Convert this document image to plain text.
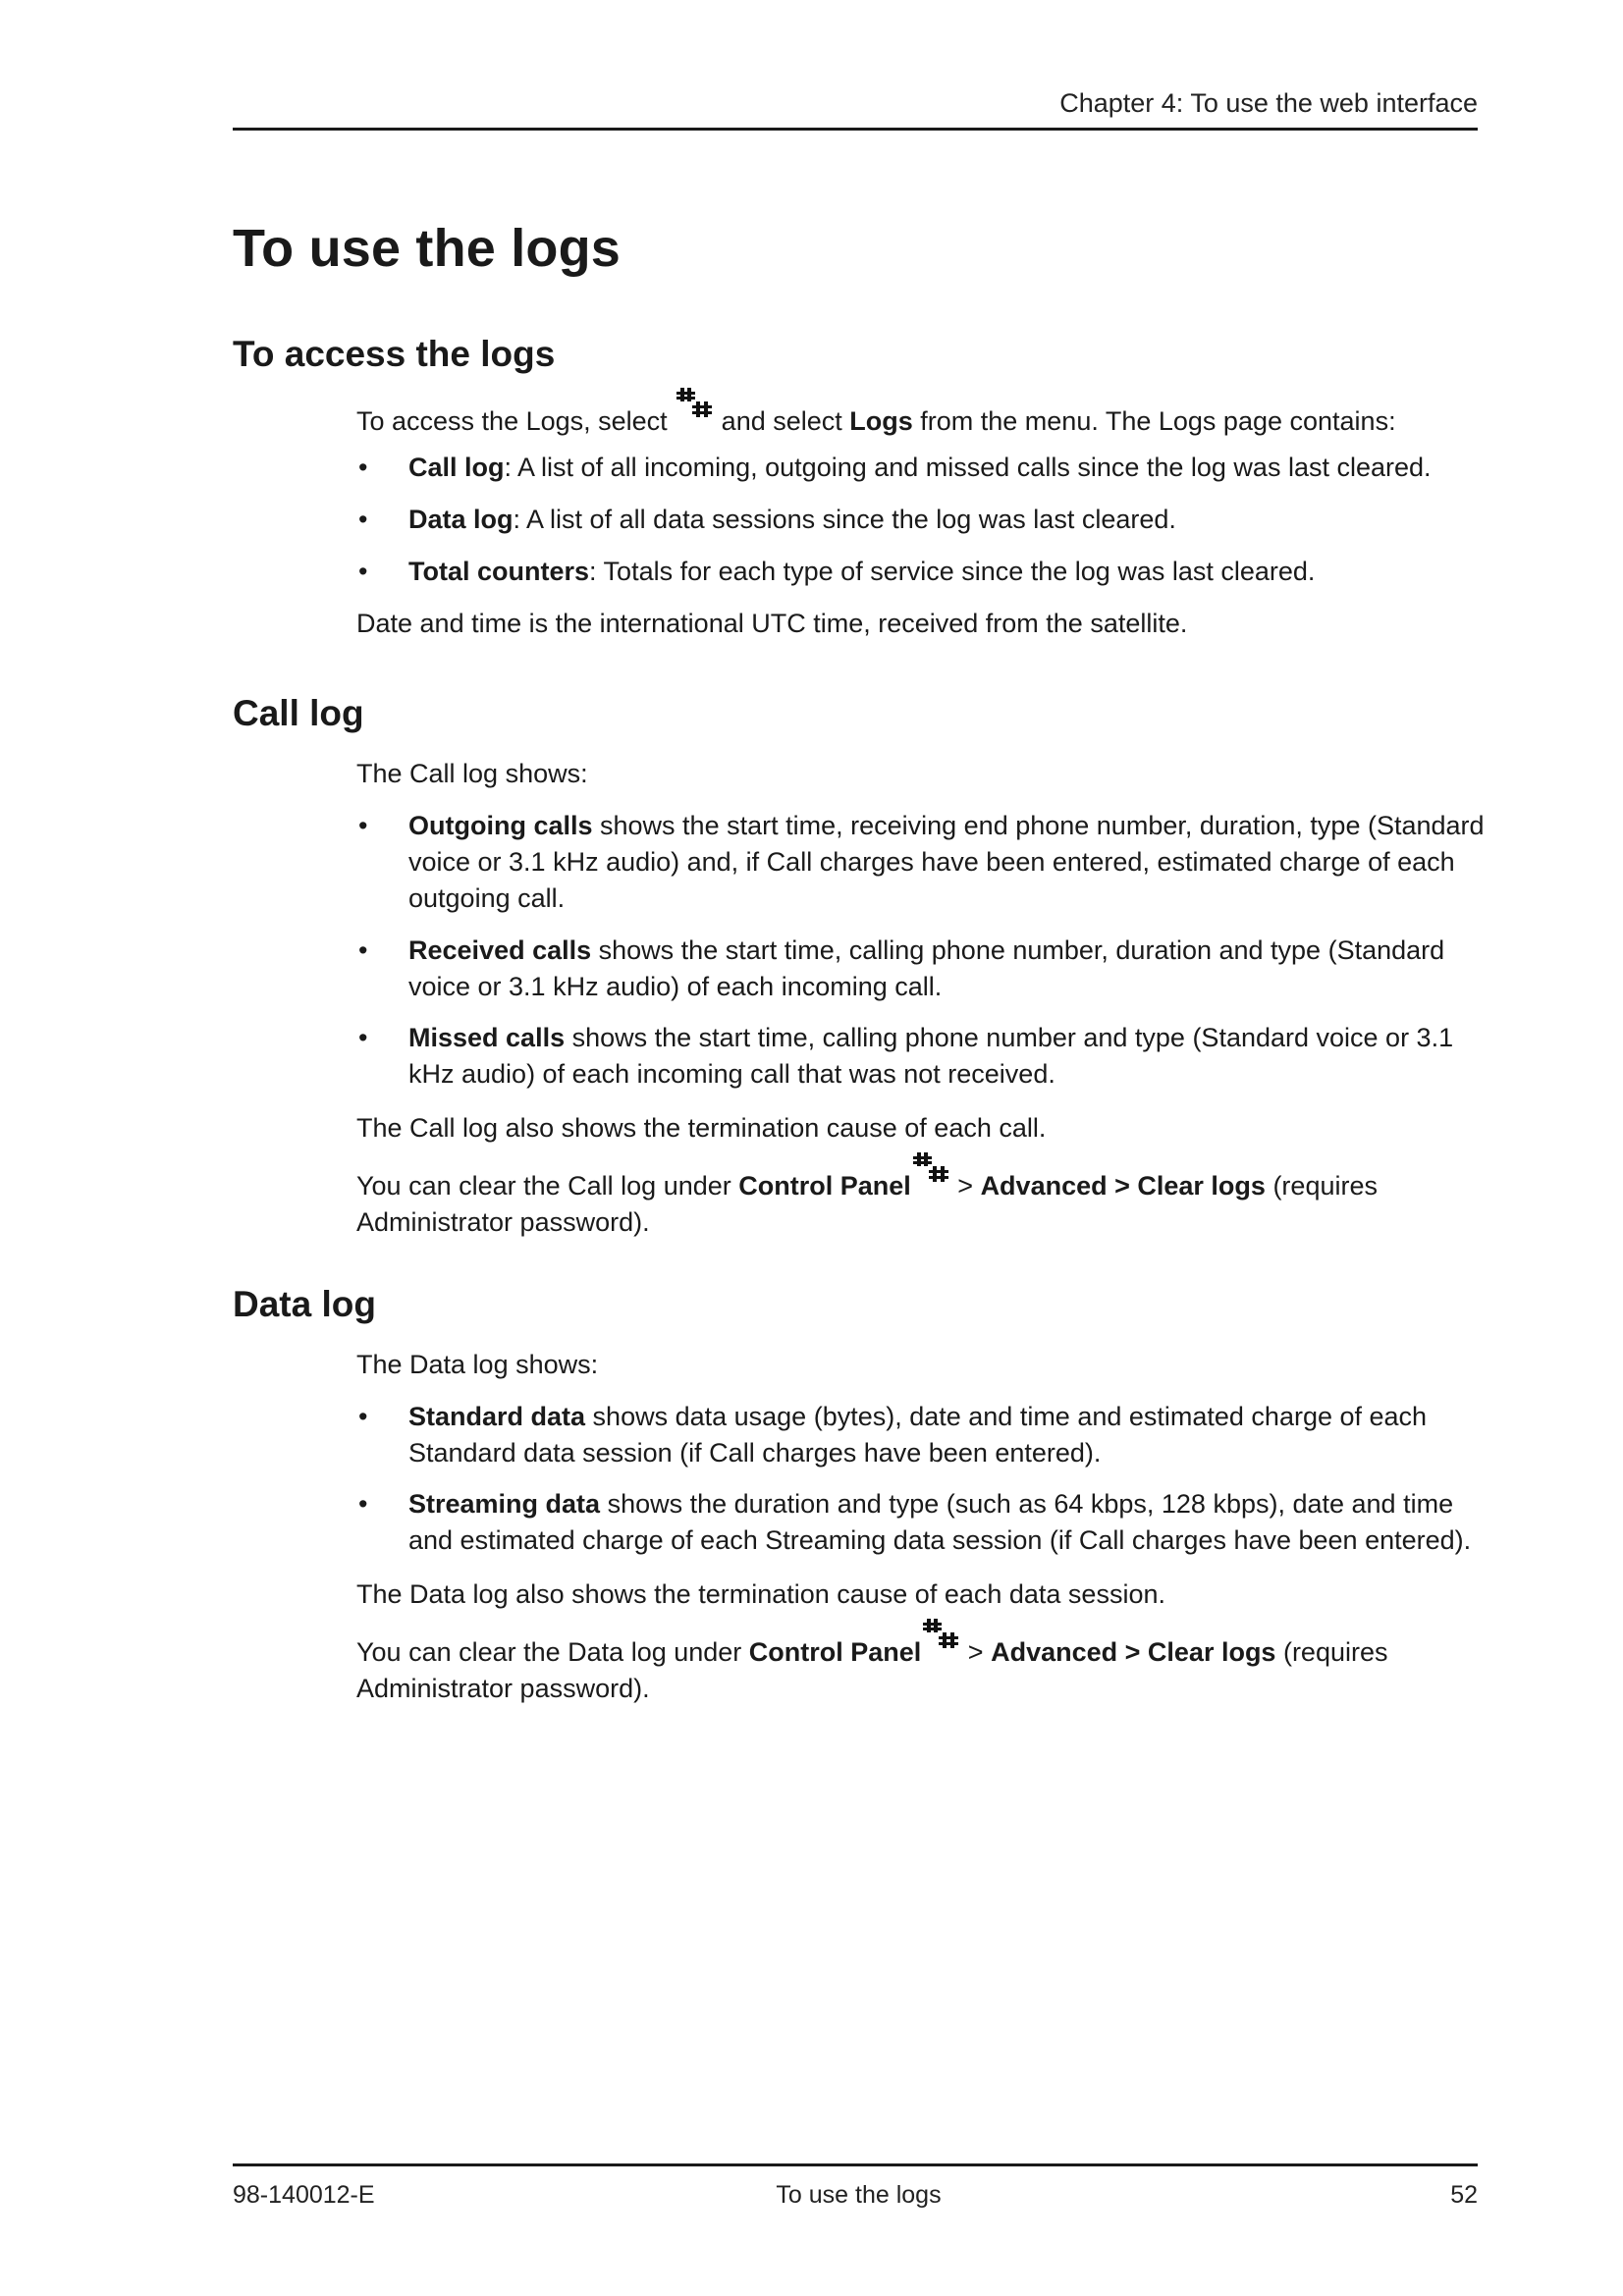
Chapter 4: To use the web interface
To use the logs
To access the logs

To access the Logs, select
and select Logs from the menu. The Logs page contains:

• Call log: A list of all incoming, outgoing and missed calls since the log was last cleared.
• Data log: A list of all data sessions since the log was last cleared.
• Total counters: Totals for each type of service since the log was last cleared.

Date and time is the international UTC time, received from the satellite.

Call log

The Call log shows:

• Outgoing calls shows the start time, receiving end phone number, duration, type (Standard voice or 3.1 kHz audio) and, if Call charges have been entered, estimated charge of each outgoing call.
• Received calls shows the start time, calling phone number, duration and type (Standard voice or 3.1 kHz audio) of each incoming call.
• Missed calls shows the start time, calling phone number and type (Standard voice or 3.1 kHz audio) of each incoming call that was not received.

The Call log also shows the termination cause of each call.

You can clear the Call log under Control Panel
> Advanced > Clear logs (requires Administrator password).

Data log

The Data log shows:

• Standard data shows data usage (bytes), date and time and estimated charge of each Standard data session (if Call charges have been entered).
• Streaming data shows the duration and type (such as 64 kbps, 128 kbps), date and time and estimated charge of each Streaming data session (if Call charges have been entered).

The Data log also shows the termination cause of each data session.

You can clear the Data log under Control Panel
> Advanced > Clear logs (requires Administrator password).

98-140012-E	To use the logs	52
